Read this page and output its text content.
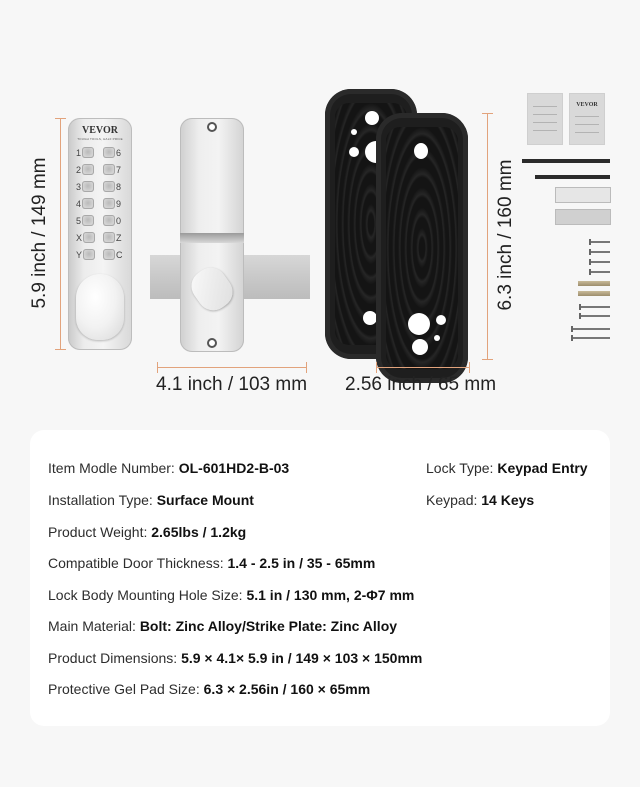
5.9 inch / 149 mm
VEVOR
TOUGH TOOLS, HALF PRICE
1	6
2	7
3	8
4	9
5	0
X	Z
Y	C
4.1 inch / 103 mm
6.3 inch / 160 mm
2.56 inch / 65 mm
VEVOR
Item Modle Number: OL-601HD2-B-03
Installation Type: Surface Mount
Product Weight: 2.65lbs / 1.2kg
Compatible Door Thickness: 1.4 - 2.5 in / 35 - 65mm
Lock Body Mounting Hole Size: 5.1 in / 130 mm, 2-Φ7 mm
Main Material: Bolt: Zinc Alloy/Strike Plate: Zinc Alloy
Product Dimensions: 5.9 × 4.1× 5.9 in / 149 × 103 × 150mm
Protective Gel Pad Size: 6.3 × 2.56in / 160 × 65mm
Lock Type: Keypad Entry
Keypad: 14 Keys
